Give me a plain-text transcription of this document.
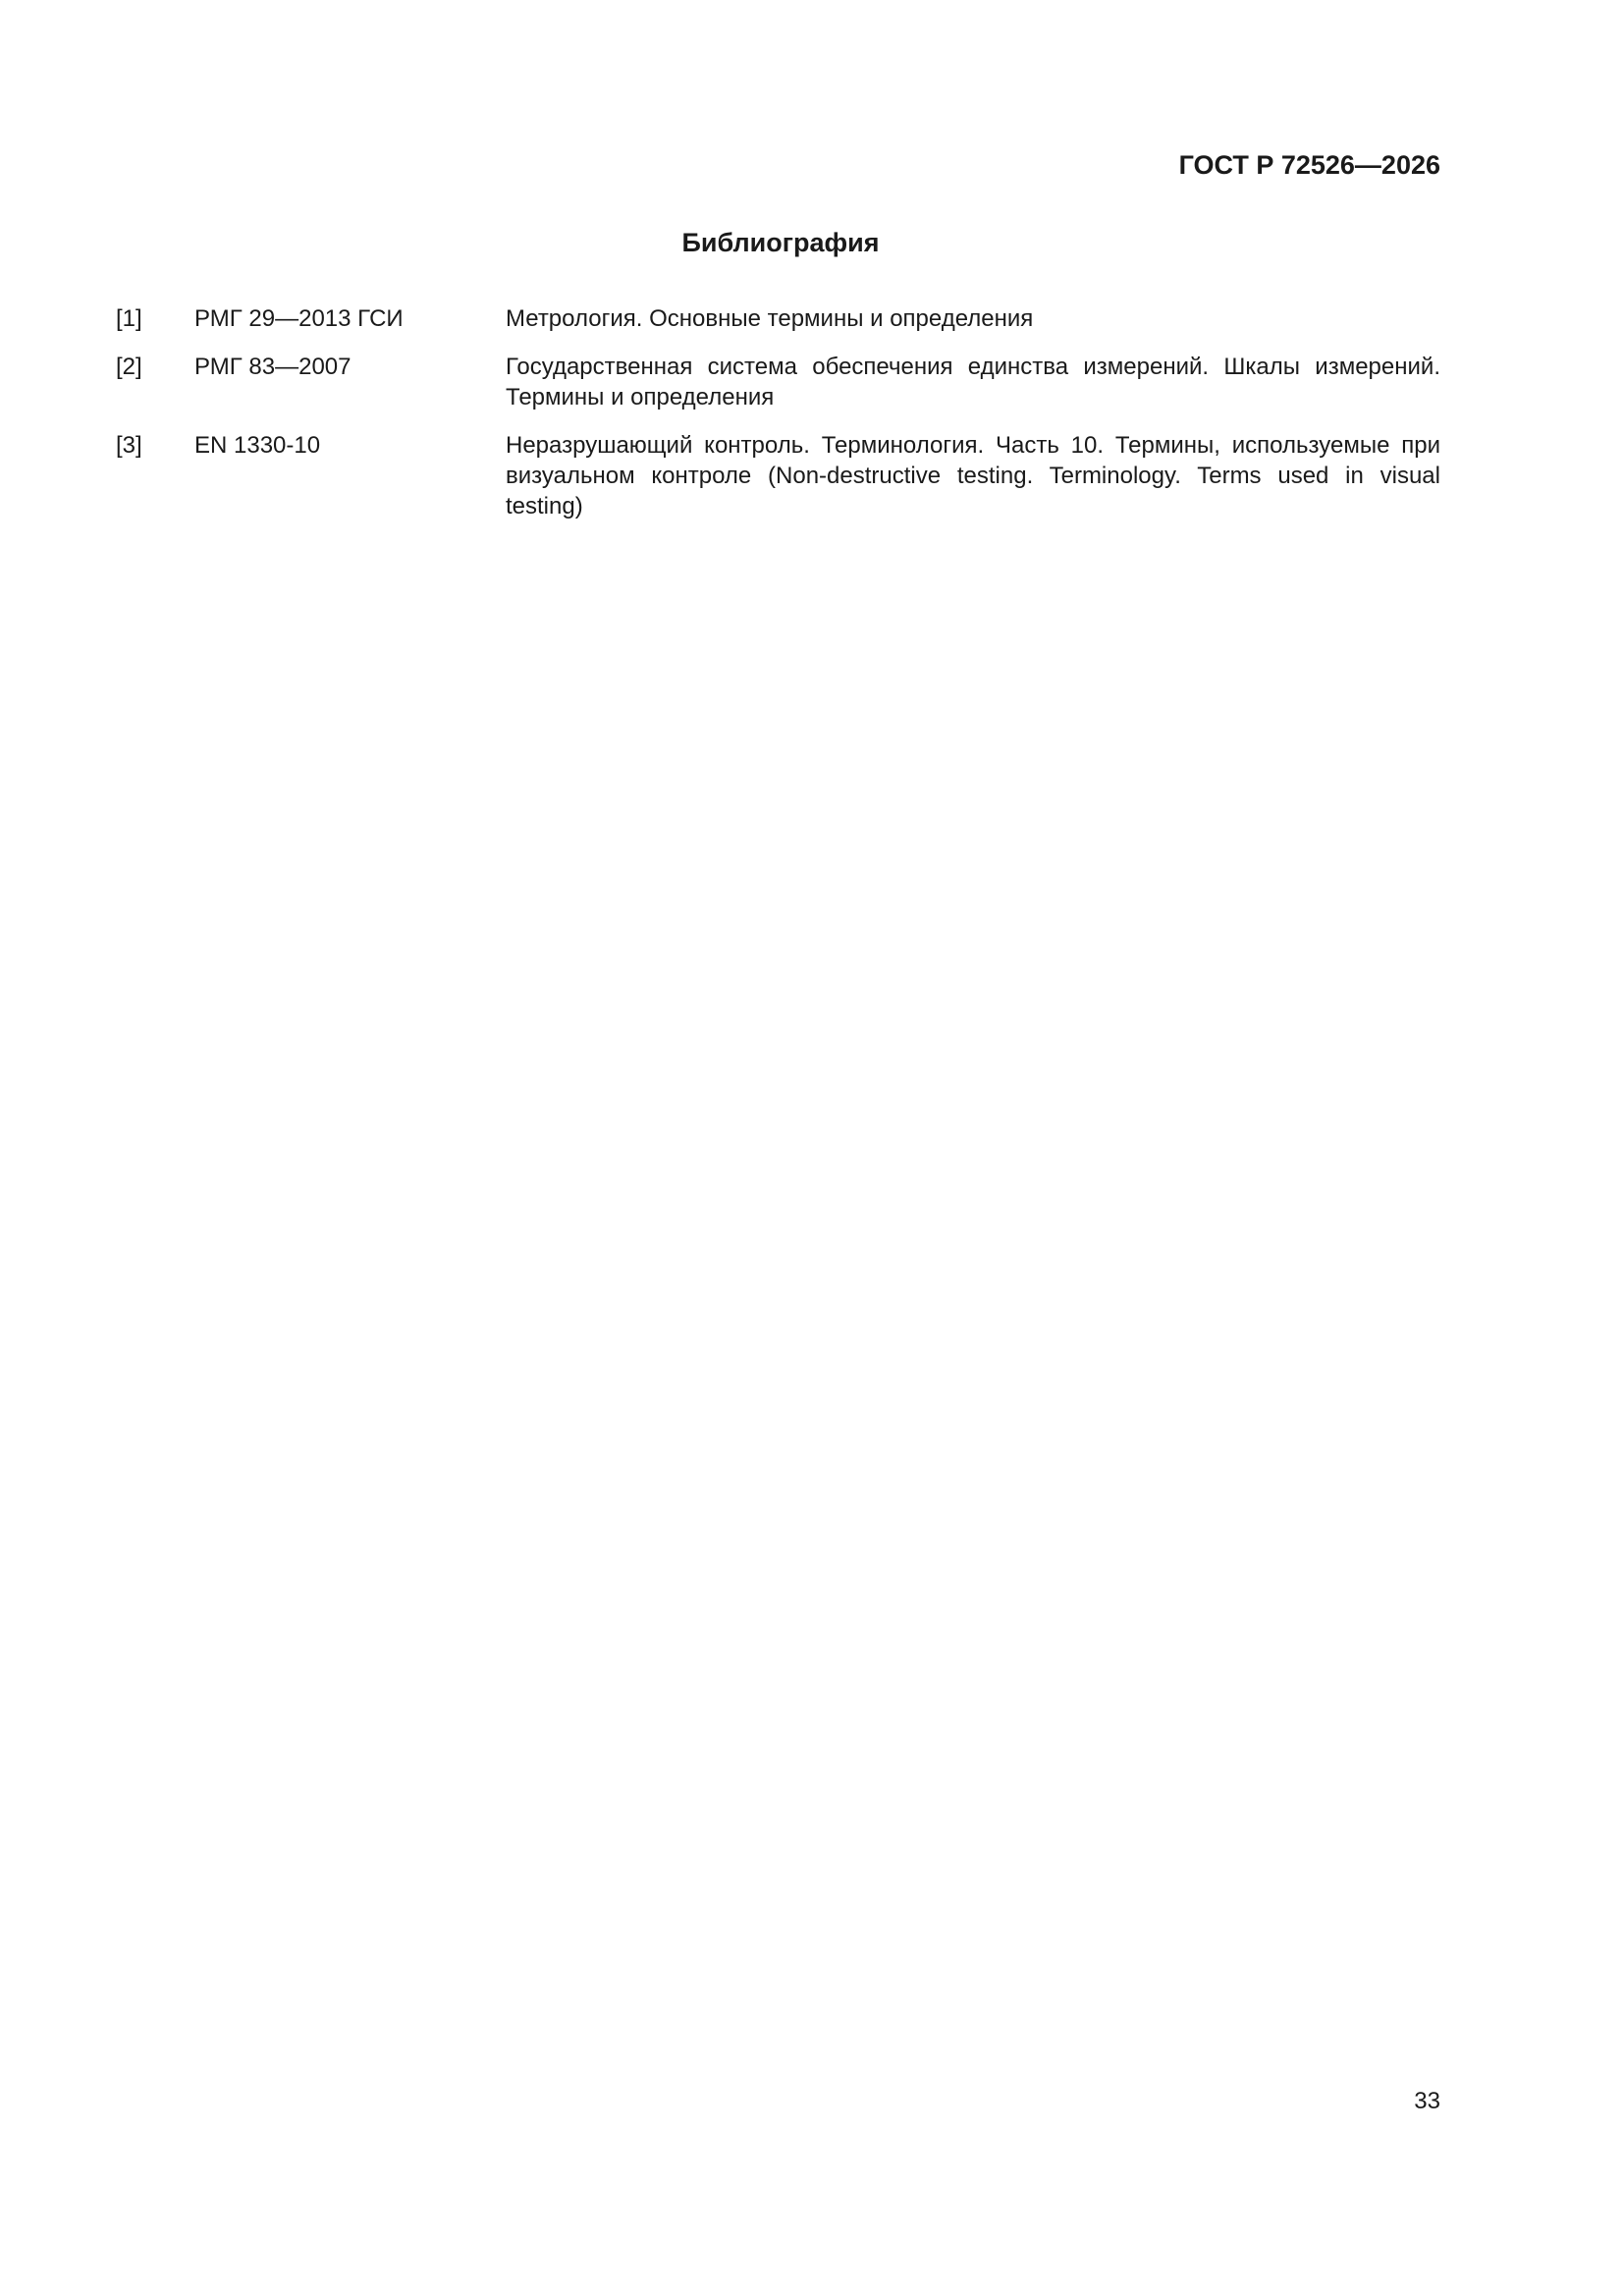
ГОСТ Р 72526—2026
Библиография
[1]	РМГ 29—2013 ГСИ	Метрология. Основные термины и определения
[2]	РМГ 83—2007	Государственная система обеспечения единства измерений. Шкалы измерений. Термины и определения
[3]	EN 1330-10	Неразрушающий контроль. Терминология. Часть 10. Термины, используемые при визуальном контроле (Non-destructive testing. Terminology. Terms used in visual testing)
33
